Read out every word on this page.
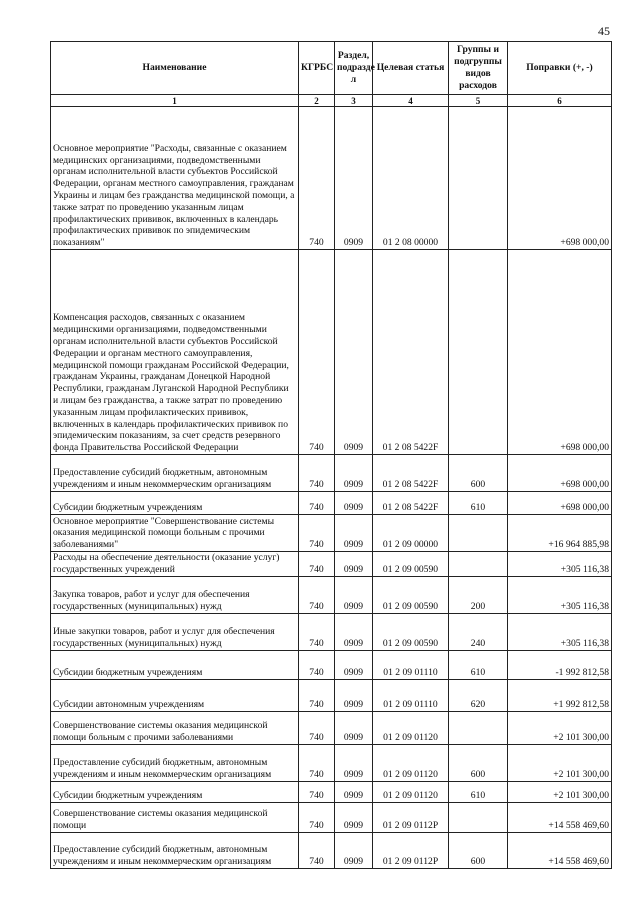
45
Наименование	КГРБС	Раздел, подразде л	Целевая статья	Группы и подгруппы видов расходов	Поправки (+, -)
1	2	3	4	5	6
Основное мероприятие "Расходы, связанные с оказанием медицинских организациями, подведомственными органам исполнительной власти субъектов Российской Федерации, органам местного самоуправления, гражданам Украины и лицам без гражданства медицинской помощи, а также затрат по проведению указанным лицам профилактических прививок, включенных в календарь профилактических прививок по эпидемическим показаниям"	740	0909	01 2 08 00000		+698 000,00
Компенсация расходов, связанных с оказанием медицинскими организациями, подведомственными органам исполнительной власти субъектов Российской Федерации и органам местного самоуправления, медицинской помощи гражданам Российской Федерации, гражданам Украины, гражданам Донецкой Народной Республики, гражданам Луганской Народной Республики и лицам без гражданства, а также затрат по проведению указанным лицам профилактических прививок, включенных в календарь профилактических прививок по эпидемическим показаниям, за счет средств резервного фонда Правительства Российской Федерации	740	0909	01 2 08 5422F		+698 000,00
Предоставление субсидий бюджетным, автономным учреждениям и иным некоммерческим организациям	740	0909	01 2 08 5422F	600	+698 000,00
Субсидии бюджетным учреждениям	740	0909	01 2 08 5422F	610	+698 000,00
Основное мероприятие "Совершенствование системы оказания медицинской помощи больным с прочими заболеваниями"	740	0909	01 2 09 00000		+16 964 885,98
Расходы на обеспечение деятельности (оказание услуг) государственных учреждений	740	0909	01 2 09 00590		+305 116,38
Закупка товаров, работ и услуг для обеспечения государственных (муниципальных) нужд	740	0909	01 2 09 00590	200	+305 116,38
Иные закупки товаров, работ и услуг для обеспечения государственных (муниципальных) нужд	740	0909	01 2 09 00590	240	+305 116,38
Субсидии бюджетным учреждениям	740	0909	01 2 09 01110	610	-1 992 812,58
Субсидии автономным учреждениям	740	0909	01 2 09 01110	620	+1 992 812,58
Совершенствование системы оказания медицинской помощи больным с прочими заболеваниями	740	0909	01 2 09 01120		+2 101 300,00
Предоставление субсидий бюджетным, автономным учреждениям и иным некоммерческим организациям	740	0909	01 2 09 01120	600	+2 101 300,00
Субсидии бюджетным учреждениям	740	0909	01 2 09 01120	610	+2 101 300,00
Совершенствование системы оказания медицинской помощи	740	0909	01 2 09 0112P		+14 558 469,60
Предоставление субсидий бюджетным, автономным учреждениям и иным некоммерческим организациям	740	0909	01 2 09 0112P	600	+14 558 469,60
